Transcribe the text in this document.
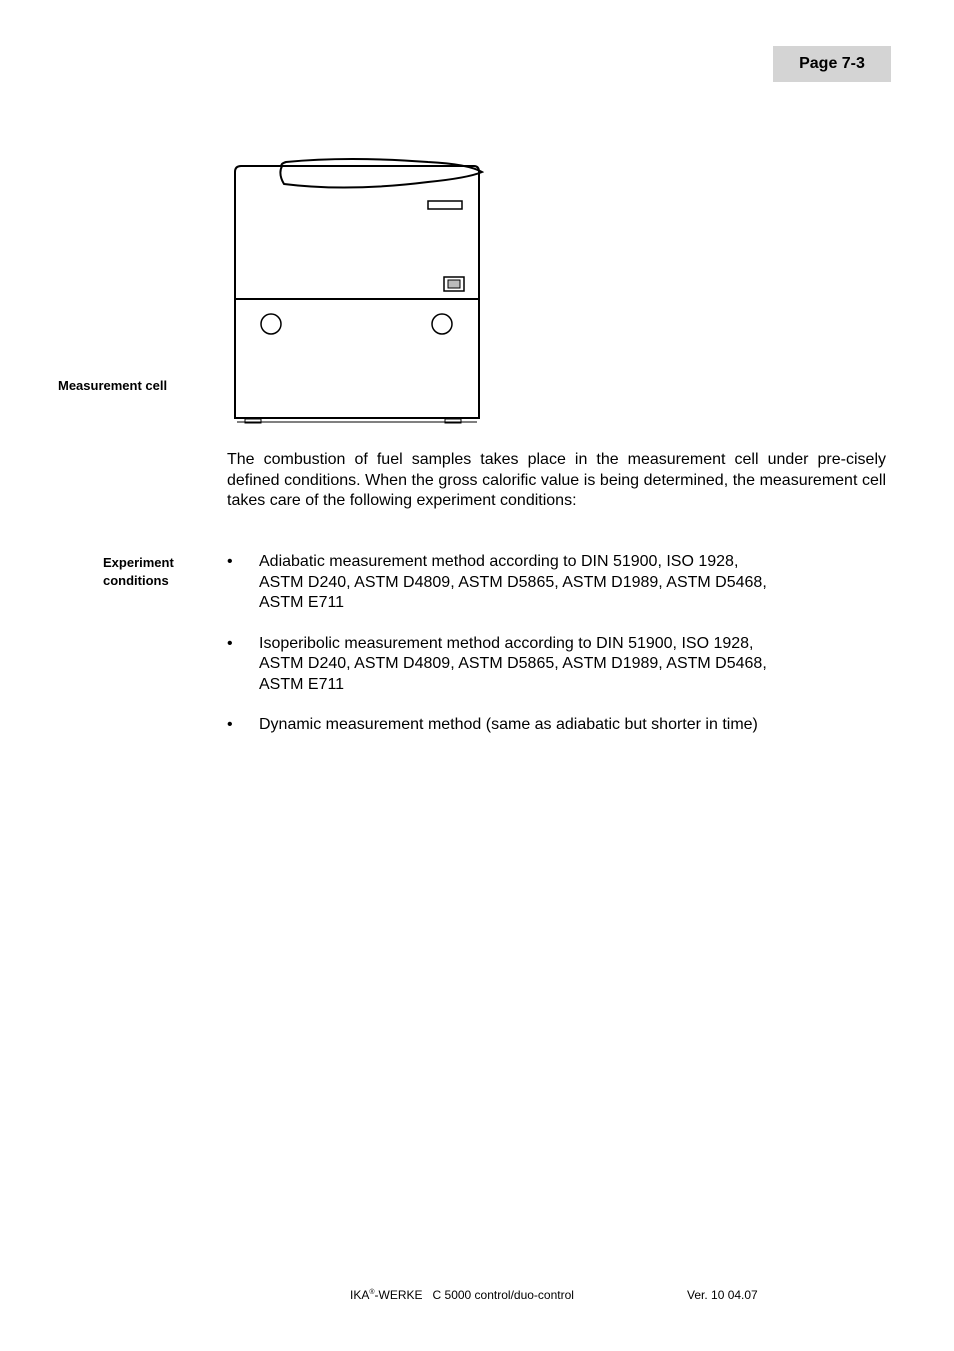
Page 7-3
Measurement cell

The combustion of fuel samples takes place in the measurement cell under pre-cisely defined conditions. When the gross calorific value is being determined, the measurement cell takes care of the following experiment conditions:

Experiment
conditions
• Adiabatic measurement method according to DIN 51900, ISO 1928,
ASTM D240, ASTM D4809, ASTM D5865, ASTM D1989, ASTM D5468,
ASTM E711
• Isoperibolic measurement method according to DIN 51900, ISO 1928,
ASTM D240, ASTM D4809, ASTM D5865, ASTM D1989, ASTM D5468,
ASTM E711
• Dynamic measurement method (same as adiabatic but shorter in time)
IKA®-WERKE   C 5000 control/duo-control	Ver. 10 04.07
